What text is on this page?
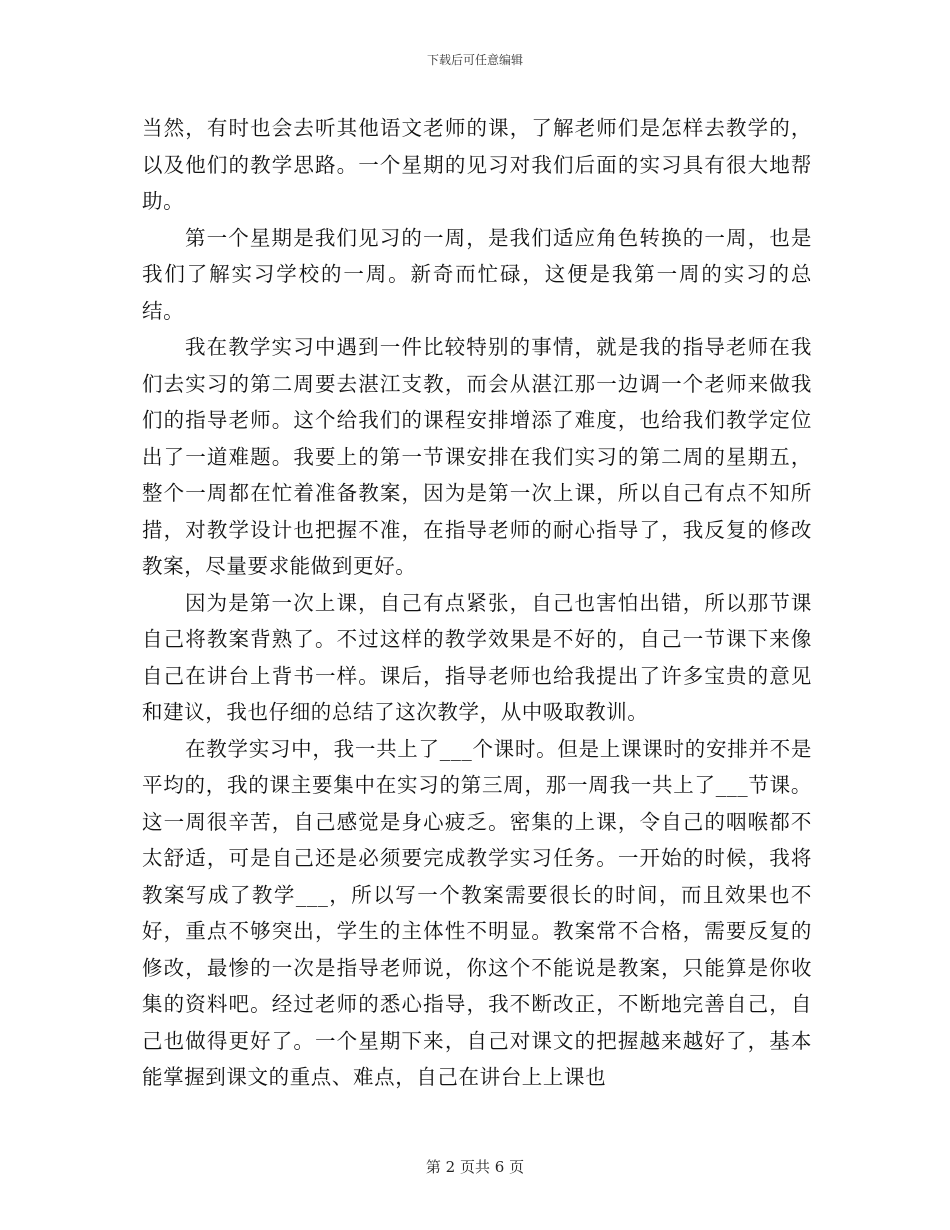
下载后可任意编辑

当然，有时也会去听其他语文老师的课，了解老师们是怎样去教学的，以及他们的教学思路。一个星期的见习对我们后面的实习具有很大地帮助。

第一个星期是我们见习的一周，是我们适应角色转换的一周，也是我们了解实习学校的一周。新奇而忙碌，这便是我第一周的实习的总结。

我在教学实习中遇到一件比较特别的事情，就是我的指导老师在我们去实习的第二周要去湛江支教，而会从湛江那一边调一个老师来做我们的指导老师。这个给我们的课程安排增添了难度，也给我们教学定位出了一道难题。我要上的第一节课安排在我们实习的第二周的星期五，整个一周都在忙着准备教案，因为是第一次上课，所以自己有点不知所措，对教学设计也把握不准，在指导老师的耐心指导了，我反复的修改教案，尽量要求能做到更好。

因为是第一次上课，自己有点紧张，自己也害怕出错，所以那节课自己将教案背熟了。不过这样的教学效果是不好的，自己一节课下来像自己在讲台上背书一样。课后，指导老师也给我提出了许多宝贵的意见和建议，我也仔细的总结了这次教学，从中吸取教训。

在教学实习中，我一共上了___个课时。但是上课课时的安排并不是平均的，我的课主要集中在实习的第三周，那一周我一共上了___节课。这一周很辛苦，自己感觉是身心疲乏。密集的上课，令自己的咽喉都不太舒适，可是自己还是必须要完成教学实习任务。一开始的时候，我将教案写成了教学___，所以写一个教案需要很长的时间，而且效果也不好，重点不够突出，学生的主体性不明显。教案常不合格，需要反复的修改，最惨的一次是指导老师说，你这个不能说是教案，只能算是你收集的资料吧。经过老师的悉心指导，我不断改正，不断地完善自己，自己也做得更好了。一个星期下来，自己对课文的把握越来越好了，基本能掌握到课文的重点、难点，自己在讲台上上课也

第 2 页共 6 页
